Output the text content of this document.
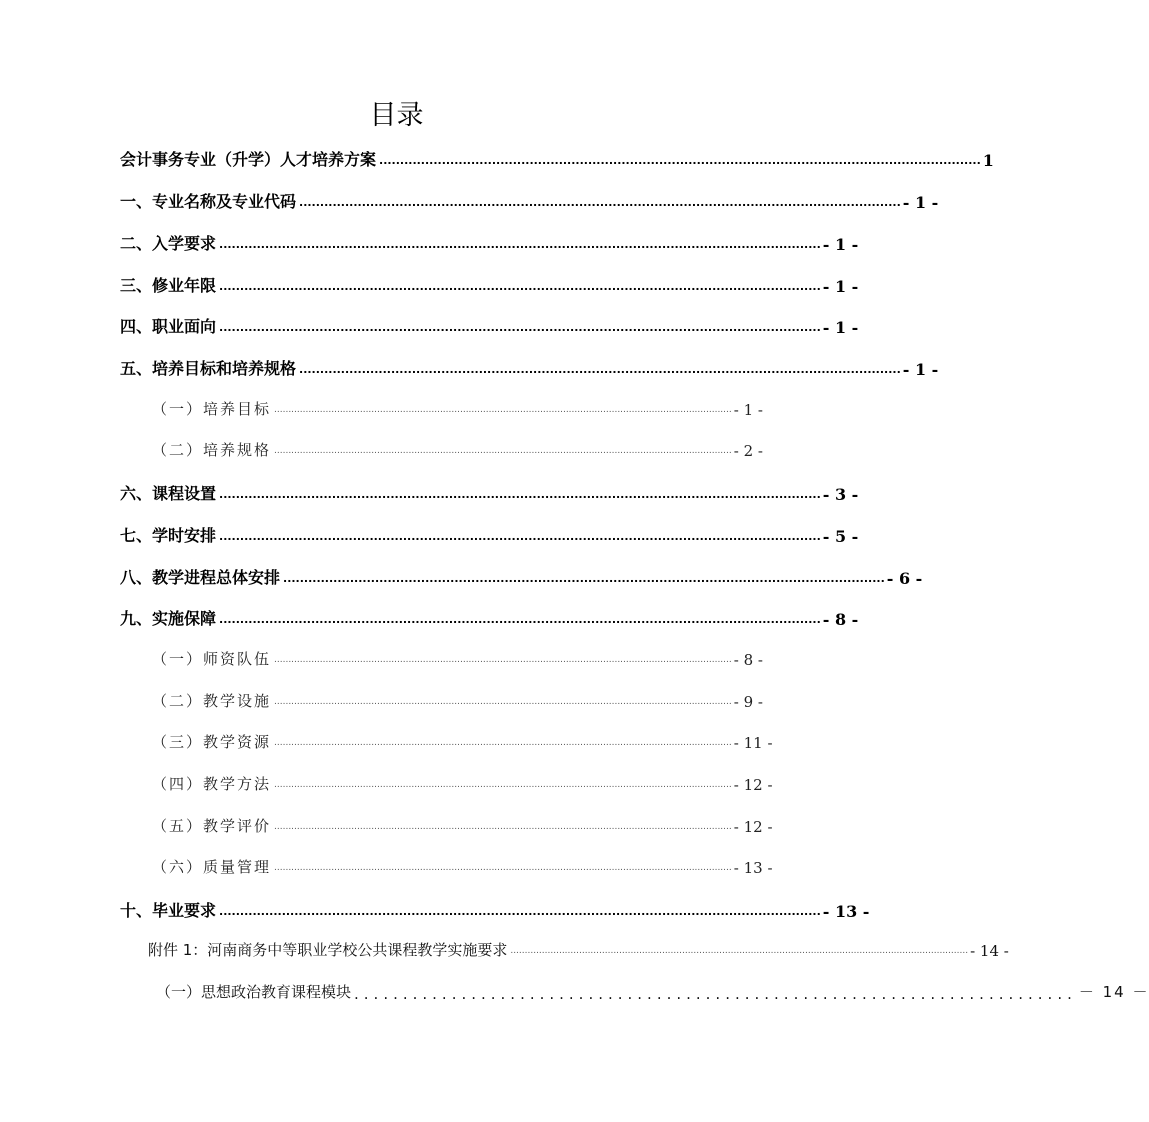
目录
会计事务专业（升学）人才培养方案 ................................................................................................................................................ 1
一、专业名称及专业代码 ................................................................................................................................................ - 1 -
二、入学要求 ................................................................................................................................................ - 1 -
三、修业年限 ................................................................................................................................................ - 1 -
四、职业面向 ................................................................................................................................................ - 1 -
五、培养目标和培养规格 ................................................................................................................................................ - 1 -
（一）培养目标 ................................................................................................................................................................ - 1 -
（二）培养规格 ................................................................................................................................................................ - 2 -
六、课程设置 ................................................................................................................................................ - 3 -
七、学时安排 ................................................................................................................................................ - 5 -
八、教学进程总体安排 ................................................................................................................................................ - 6 -
九、实施保障 ................................................................................................................................................ - 8 -
（一）师资队伍 ................................................................................................................................................................ - 8 -
（二）教学设施 ................................................................................................................................................................ - 9 -
（三）教学资源 ................................................................................................................................................................ - 11 -
（四）教学方法 ................................................................................................................................................................ - 12 -
（五）教学评价 ................................................................................................................................................................ - 12 -
（六）质量管理 ................................................................................................................................................................ - 13 -
十、毕业要求 ................................................................................................................................................ - 13 -
附件 1：河南商务中等职业学校公共课程教学实施要求 ................................................................................................................................................................ - 14 -
（一）思想政治教育课程模块 .......................................................................... － 14 －
